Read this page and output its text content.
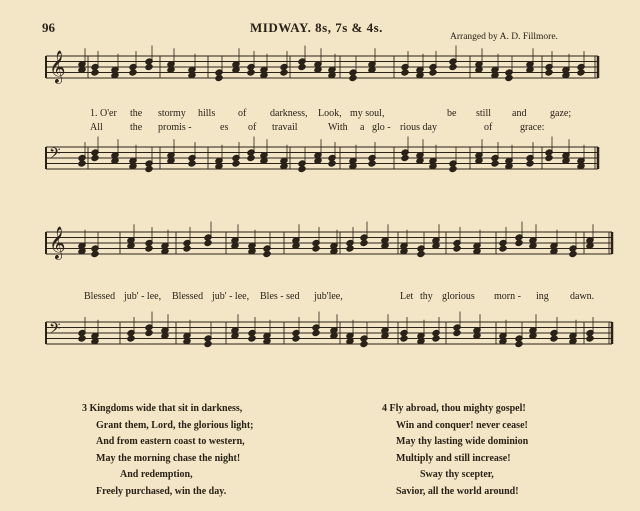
96	MIDWAY. 8s, 7s & 4s.
Arranged by A. D. Fillmore.
𝄞
𝄢
𝄞
𝄢
1. O'er the stormy hills of darkness, Look, my soul,	be still and gaze;
All	the promis -	es of travail	With a glo - rious day	of	grace:
Blessed jub' - lee, Blessed jub' - lee, Bles - sed jub'lee,	Let thy glorious morn - ing dawn.
3 Kingdoms wide that sit in darkness,
Grant them, Lord, the glorious light;
And from eastern coast to western,
May the morning chase the night!
And redemption,
Freely purchased, win the day.
4 Fly abroad, thou mighty gospel!
Win and conquer! never cease!
May thy lasting wide dominion
Multiply and still increase!
Sway thy scepter,
Savior, all the world around!
